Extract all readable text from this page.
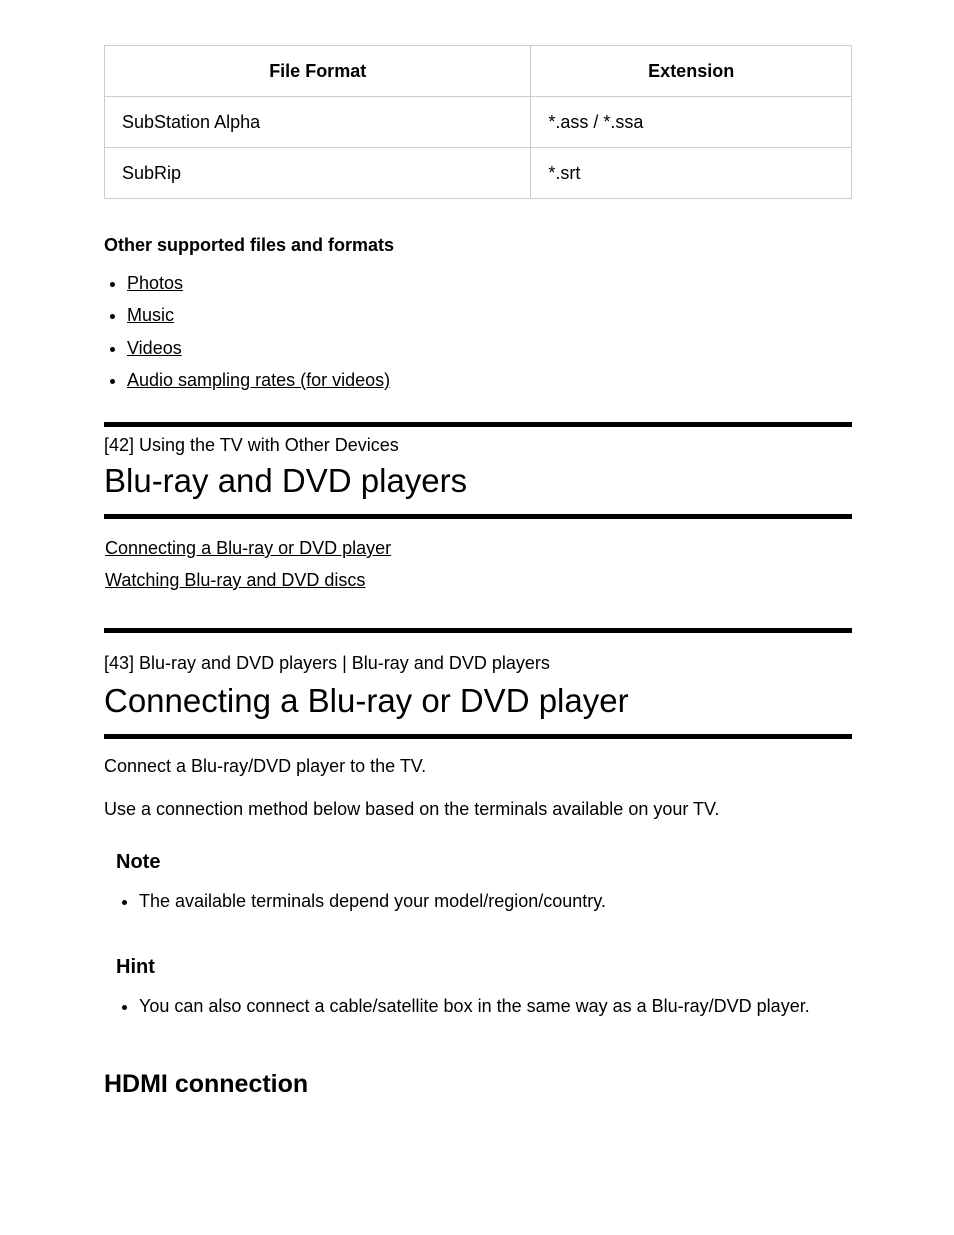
File Format	Extension
SubStation Alpha	*.ass / *.ssa
SubRip	*.srt
Other supported files and formats
• Photos
• Music
• Videos
• Audio sampling rates (for videos)
[42] Using the TV with Other Devices
Blu-ray and DVD players
Connecting a Blu-ray or DVD player
Watching Blu-ray and DVD discs
[43] Blu-ray and DVD players | Blu-ray and DVD players
Connecting a Blu-ray or DVD player

Connect a Blu-ray/DVD player to the TV.

Use a connection method below based on the terminals available on your TV.

Note
• The available terminals depend your model/region/country.
Hint
• You can also connect a cable/satellite box in the same way as a Blu-ray/DVD player.
HDMI connection
